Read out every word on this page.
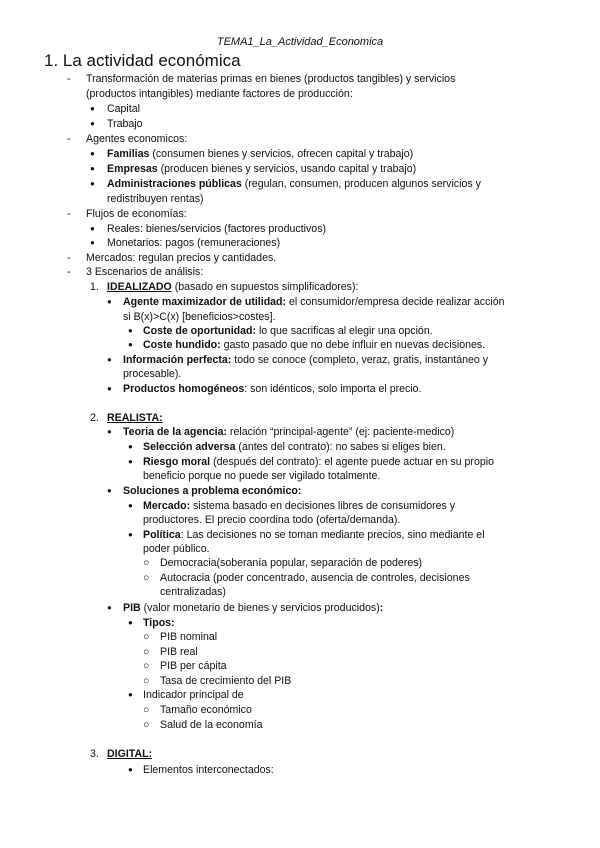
TEMA1_La_Actividad_Economica
1. La actividad económica
- Transformación de materias primas en bienes (productos tangibles) y servicios
(productos intangibles) mediante factores de producción:
● Capital
● Trabajo
- Agentes economicos:
● Familias (consumen bienes y servicios, ofrecen capital y trabajo)
● Empresas (producen bienes y servicios, usando capital y trabajo)
● Administraciones públicas (regulan, consumen, producen algunos servicios y
redistribuyen rentas)
- Flujos de economías:
● Reales: bienes/servicios (factores productivos)
● Monetarios: pagos (remuneraciones)
- Mercados: regulan precios y cantidades.
- 3 Escenarios de análisis:
1. IDEALIZADO (basado en supuestos simplificadores):
● Agente maximizador de utilidad: el consumidor/empresa decide realizar acción
si B(x)>C(x) [beneficios>costes].
● Coste de oportunidad: lo que sacrificas al elegir una opción.
● Coste hundido: gasto pasado que no debe influir en nuevas decisiones.
● Información perfecta: todo se conoce (completo, veraz, gratis, instantáneo y
procesable).
● Productos homogéneos: son idénticos, solo importa el precio.
2. REALISTA:
● Teoria de la agencia: relación “principal-agente” (ej: paciente-medico)
● Selección adversa (antes del contrato): no sabes si eliges bien.
● Riesgo moral (después del contrato): el agente puede actuar en su propio
beneficio porque no puede ser vigilado totalmente.
● Soluciones a problema económico:
● Mercado: sistema basado en decisiones libres de consumidores y
productores. El precio coordina todo (oferta/demanda).
● Política: Las decisiones no se toman mediante precios, sino mediante el
poder público.
○ Democracia(soberanía popular, separación de poderes)
○ Autocracia (poder concentrado, ausencia de controles, decisiones
centralizadas)
● PIB (valor monetario de bienes y servicios producidos):
● Tipos:
○ PIB nominal
○ PIB real
○ PIB per cápita
○ Tasa de crecimiento del PIB
● Indicador principal de
○ Tamaño económico
○ Salud de la economía
3. DIGITAL:
● Elementos interconectados:
